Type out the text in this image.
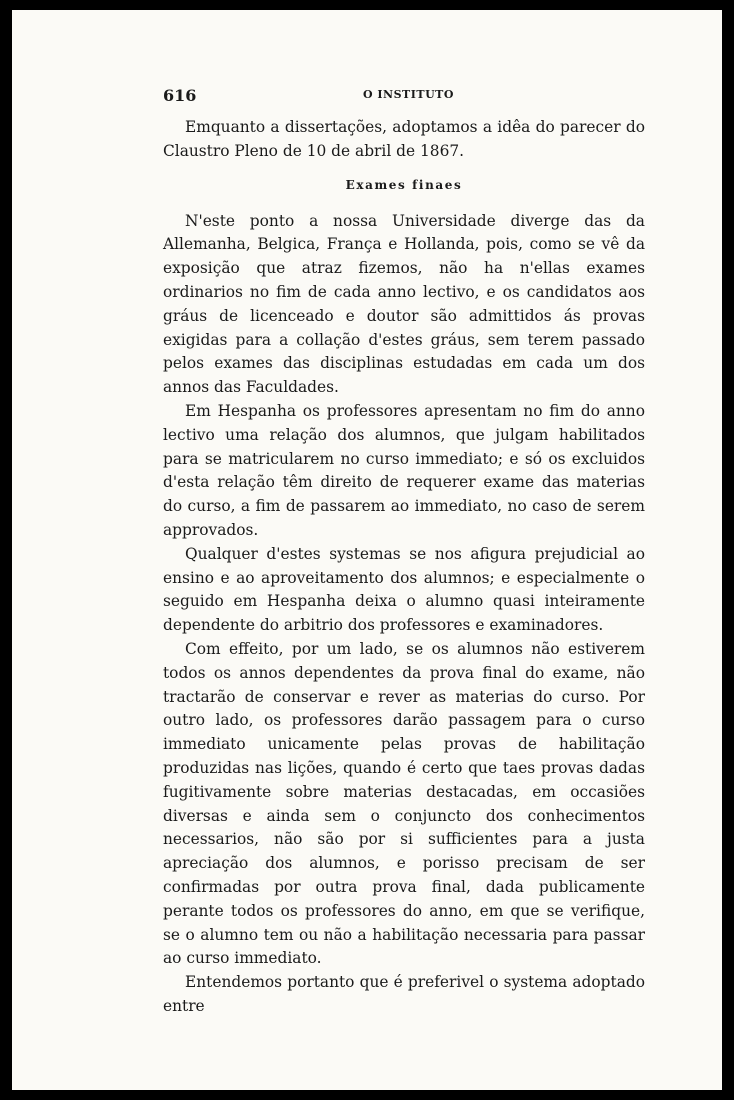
616	O INSTITUTO

Emquanto a dissertações, adoptamos a idêa do parecer do Claustro Pleno de 10 de abril de 1867.

Exames finaes

N'este ponto a nossa Universidade diverge das da Allemanha, Belgica, França e Hollanda, pois, como se vê da exposição que atraz fizemos, não ha n'ellas exames ordinarios no fim de cada anno lectivo, e os candidatos aos gráus de licenceado e doutor são admittidos ás provas exigidas para a collação d'estes gráus, sem terem passado pelos exames das disciplinas estudadas em cada um dos annos das Faculdades.

Em Hespanha os professores apresentam no fim do anno lectivo uma relação dos alumnos, que julgam habilitados para se matricularem no curso immediato; e só os excluidos d'esta relação têm direito de requerer exame das materias do curso, a fim de passarem ao immediato, no caso de serem approvados.

Qualquer d'estes systemas se nos afigura prejudicial ao ensino e ao aproveitamento dos alumnos; e especialmente o seguido em Hespanha deixa o alumno quasi inteiramente dependente do arbitrio dos professores e examinadores.

Com effeito, por um lado, se os alumnos não estiverem todos os annos dependentes da prova final do exame, não tractarão de conservar e rever as materias do curso. Por outro lado, os professores darão passagem para o curso immediato unicamente pelas provas de habilitação produzidas nas lições, quando é certo que taes provas dadas fugitivamente sobre materias destacadas, em occasiões diversas e ainda sem o conjuncto dos conhecimentos necessarios, não são por si sufficientes para a justa apreciação dos alumnos, e porisso precisam de ser confirmadas por outra prova final, dada publicamente perante todos os professores do anno, em que se verifique, se o alumno tem ou não a habilitação necessaria para passar ao curso immediato.

Entendemos portanto que é preferivel o systema adoptado entre
